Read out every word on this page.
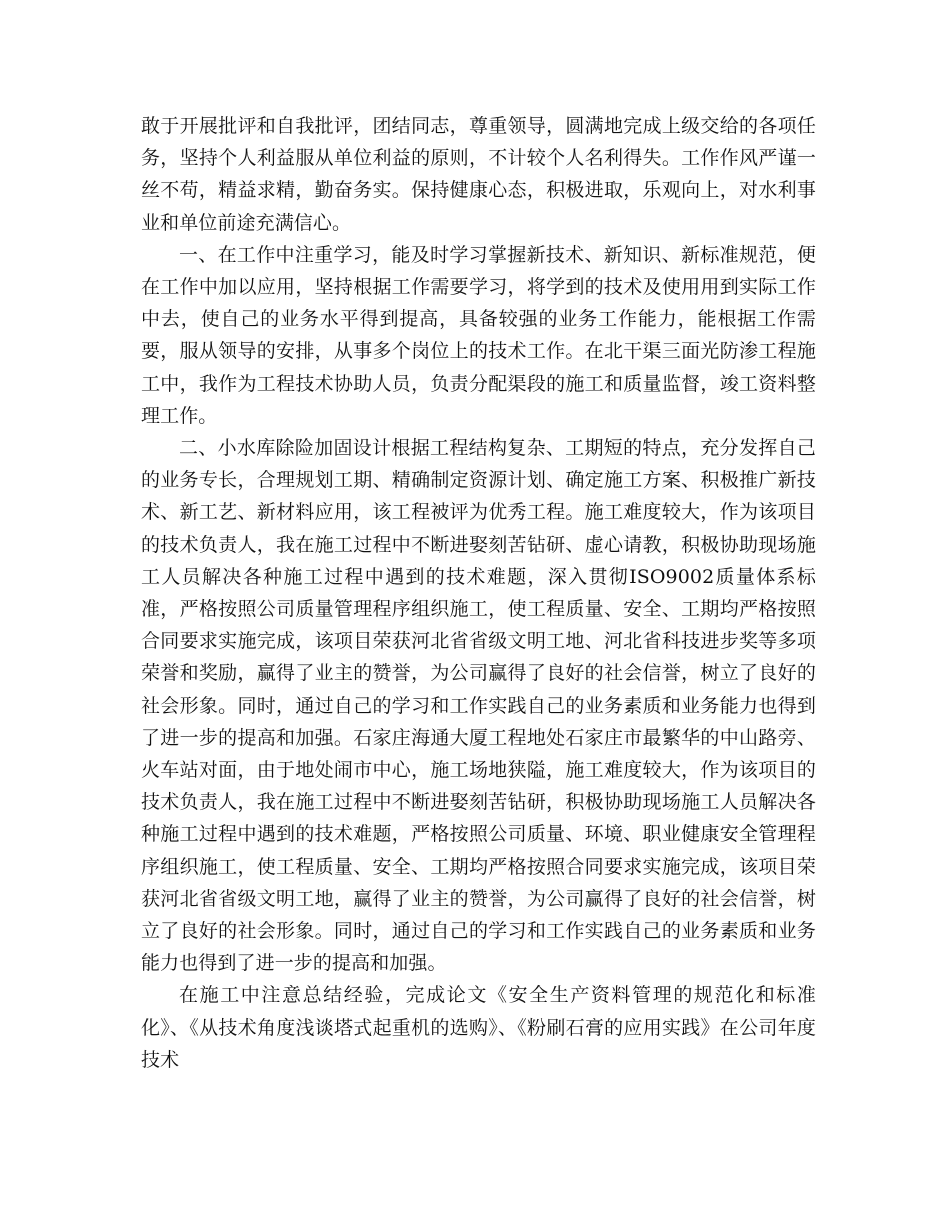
敢于开展批评和自我批评，团结同志，尊重领导，圆满地完成上级交给的各项任务，坚持个人利益服从单位利益的原则，不计较个人名利得失。工作作风严谨一丝不苟，精益求精，勤奋务实。保持健康心态，积极进取，乐观向上，对水利事业和单位前途充满信心。

一、在工作中注重学习，能及时学习掌握新技术、新知识、新标准规范，便在工作中加以应用，坚持根据工作需要学习，将学到的技术及使用用到实际工作中去，使自己的业务水平得到提高，具备较强的业务工作能力，能根据工作需要，服从领导的安排，从事多个岗位上的技术工作。在北干渠三面光防渗工程施工中，我作为工程技术协助人员，负责分配渠段的施工和质量监督，竣工资料整理工作。

二、小水库除险加固设计根据工程结构复杂、工期短的特点，充分发挥自己的业务专长，合理规划工期、精确制定资源计划、确定施工方案、积极推广新技术、新工艺、新材料应用，该工程被评为优秀工程。施工难度较大，作为该项目的技术负责人，我在施工过程中不断进娶刻苦钻研、虚心请教，积极协助现场施工人员解决各种施工过程中遇到的技术难题，深入贯彻ISO9002质量体系标准，严格按照公司质量管理程序组织施工，使工程质量、安全、工期均严格按照合同要求实施完成，该项目荣获河北省省级文明工地、河北省科技进步奖等多项荣誉和奖励，赢得了业主的赞誉，为公司赢得了良好的社会信誉，树立了良好的社会形象。同时，通过自己的学习和工作实践自己的业务素质和业务能力也得到了进一步的提高和加强。石家庄海通大厦工程地处石家庄市最繁华的中山路旁、火车站对面，由于地处闹市中心，施工场地狭隘，施工难度较大，作为该项目的技术负责人，我在施工过程中不断进娶刻苦钻研，积极协助现场施工人员解决各种施工过程中遇到的技术难题，严格按照公司质量、环境、职业健康安全管理程序组织施工，使工程质量、安全、工期均严格按照合同要求实施完成，该项目荣获河北省省级文明工地，赢得了业主的赞誉，为公司赢得了良好的社会信誉，树立了良好的社会形象。同时，通过自己的学习和工作实践自己的业务素质和业务能力也得到了进一步的提高和加强。

在施工中注意总结经验，完成论文《安全生产资料管理的规范化和标准化》、《从技术角度浅谈塔式起重机的选购》、《粉刷石膏的应用实践》在公司年度技术
